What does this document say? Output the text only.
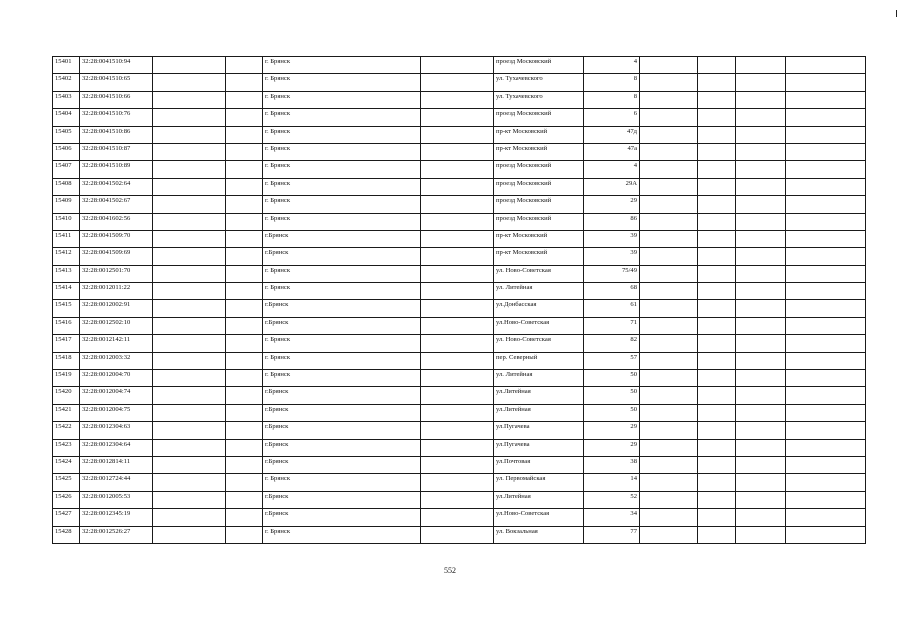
15401	32:28:0041510:94			г. Брянск		проезд Московский	4				
15402	32:28:0041510:65			г. Брянск		ул. Тухачевского	8				
15403	32:28:0041510:66			г. Брянск		ул. Тухачевского	8				
15404	32:28:0041510:76			г. Брянск		проезд Московский	6				
15405	32:28:0041510:86			г. Брянск		пр-кт Московский	47д				
15406	32:28:0041510:87			г. Брянск		пр-кт Московский	47а				
15407	32:28:0041510:89			г. Брянск		проезд Московский	4				
15408	32:28:0041502:64			г. Брянск		проезд Московский	29А				
15409	32:28:0041502:67			г. Брянск		проезд Московский	29				
15410	32:28:0041602:56			г. Брянск		проезд Московский	86				
15411	32:28:0041509:70			г.Брянск		пр-кт Московский	39				
15412	32:28:0041509:69			г.Брянск		пр-кт Московский	39				
15413	32:28:0012501:70			г. Брянск		ул. Ново-Советская	75/49				
15414	32:28:0012011:22			г. Брянск		ул. Литейная	68				
15415	32:28:0012002:91			г.Брянск		ул.Донбасская	61				
15416	32:28:0012502:10			г.Брянск		ул.Ново-Советская	71				
15417	32:28:0012142:11			г. Брянск		ул. Ново-Советская	82				
15418	32:28:0012003:32			г. Брянск		пер. Северный	57				
15419	32:28:0012004:70			г. Брянск		ул. Литейная	50				
15420	32:28:0012004:74			г.Брянск		ул.Литейная	50				
15421	32:28:0012004:75			г.Брянск		ул.Литейная	50				
15422	32:28:0012304:63			г.Брянск		ул.Пугачева	29				
15423	32:28:0012304:64			г.Брянск		ул.Пугачева	29				
15424	32:28:0012814:11			г.Брянск		ул.Почтовая	38				
15425	32:28:0012724:44			г. Брянск		ул. Первомайская	14				
15426	32:28:0012005:53			г.Брянск		ул.Литейная	52				
15427	32:28:0012345:19			г.Брянск		ул.Ново-Советская	34				
15428	32:28:0012526:27			г. Брянск		ул. Вокзальная	77				
552
